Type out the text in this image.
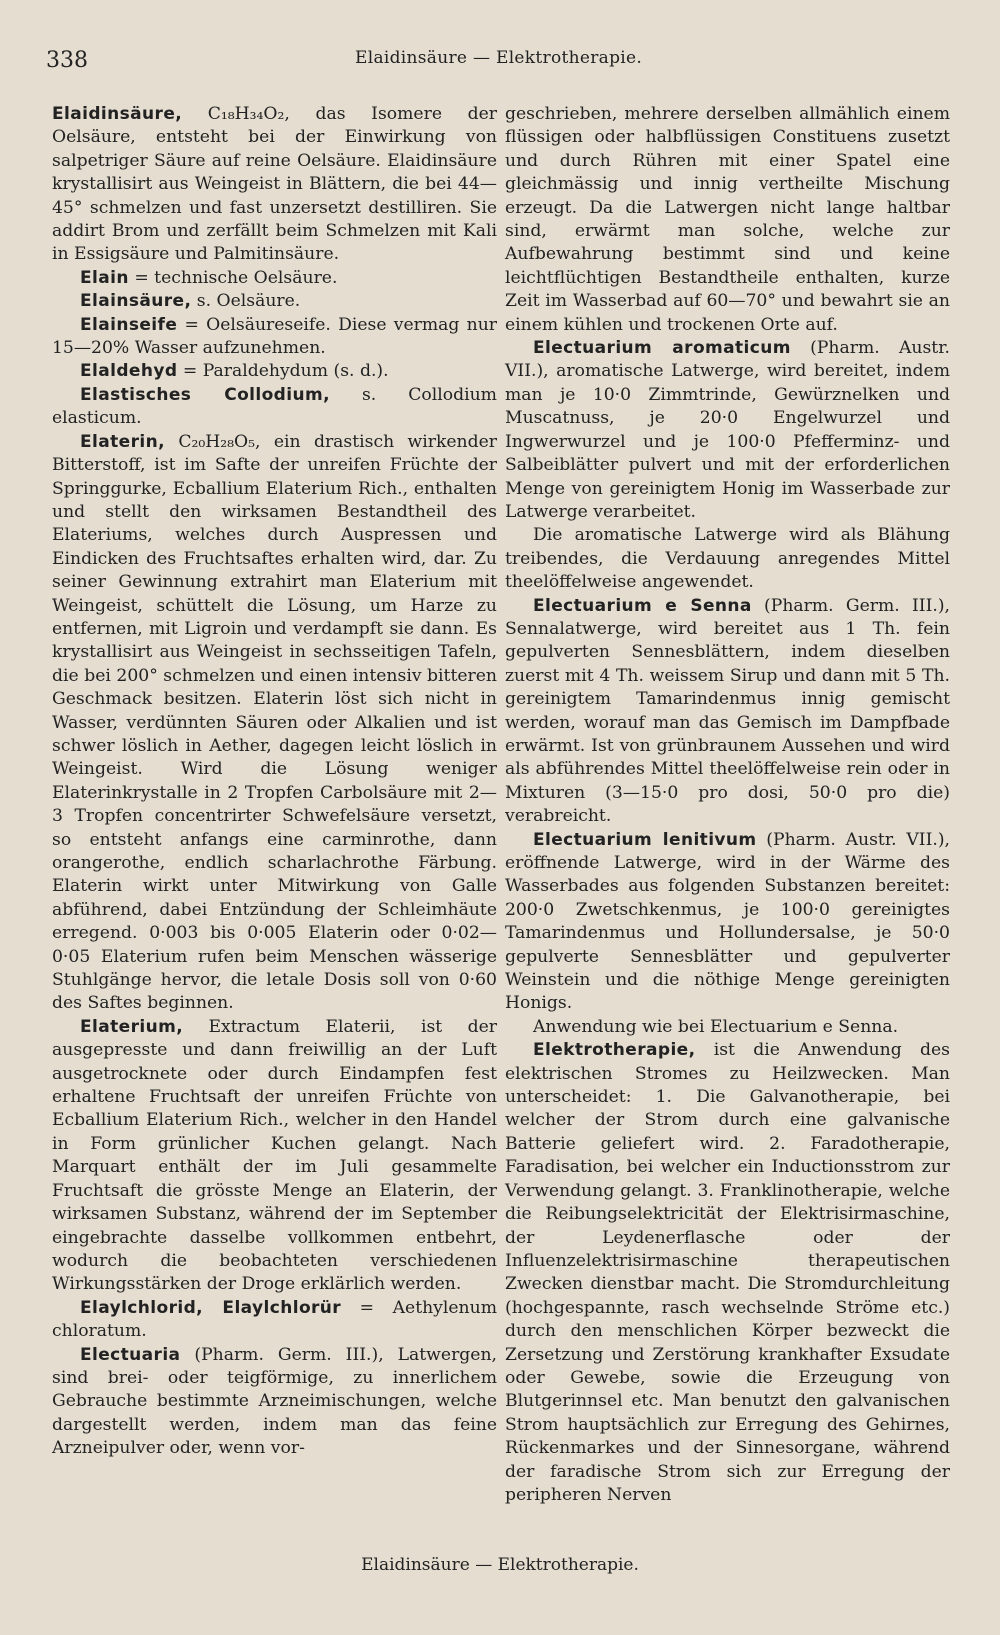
338	Elaidinsäure — Elektrotherapie.

Elaidinsäure, C₁₈H₃₄O₂, das Isomere der Oelsäure, entsteht bei der Einwirkung von salpetriger Säure auf reine Oelsäure. Elaidinsäure krystallisirt aus Weingeist in Blättern, die bei 44—45° schmelzen und fast unzersetzt destilliren. Sie addirt Brom und zerfällt beim Schmelzen mit Kali in Essigsäure und Palmitinsäure.

Elain = technische Oelsäure.

Elainsäure, s. Oelsäure.

Elainseife = Oelsäureseife. Diese vermag nur 15—20% Wasser aufzunehmen.

Elaldehyd = Paraldehydum (s. d.).

Elastisches Collodium, s. Collodium elasticum.

Elaterin, C₂₀H₂₈O₅, ein drastisch wirkender Bitterstoff, ist im Safte der unreifen Früchte der Springgurke, Ecballium Elaterium Rich., enthalten und stellt den wirksamen Bestandtheil des Elateriums, welches durch Auspressen und Eindicken des Fruchtsaftes erhalten wird, dar. Zu seiner Gewinnung extrahirt man Elaterium mit Weingeist, schüttelt die Lösung, um Harze zu entfernen, mit Ligroin und verdampft sie dann. Es krystallisirt aus Weingeist in sechsseitigen Tafeln, die bei 200° schmelzen und einen intensiv bitteren Geschmack besitzen. Elaterin löst sich nicht in Wasser, verdünnten Säuren oder Alkalien und ist schwer löslich in Aether, dagegen leicht löslich in Weingeist. Wird die Lösung weniger Elaterinkrystalle in 2 Tropfen Carbolsäure mit 2—3 Tropfen concentrirter Schwefelsäure versetzt, so entsteht anfangs eine carminrothe, dann orangerothe, endlich scharlachrothe Färbung. Elaterin wirkt unter Mitwirkung von Galle abführend, dabei Entzündung der Schleimhäute erregend. 0·003 bis 0·005 Elaterin oder 0·02—0·05 Elaterium rufen beim Menschen wässerige Stuhlgänge hervor, die letale Dosis soll von 0·60 des Saftes beginnen.

Elaterium, Extractum Elaterii, ist der ausgepresste und dann freiwillig an der Luft ausgetrocknete oder durch Eindampfen fest erhaltene Fruchtsaft der unreifen Früchte von Ecballium Elaterium Rich., welcher in den Handel in Form grünlicher Kuchen gelangt. Nach Marquart enthält der im Juli gesammelte Fruchtsaft die grösste Menge an Elaterin, der wirksamen Substanz, während der im September eingebrachte dasselbe vollkommen entbehrt, wodurch die beobachteten verschiedenen Wirkungsstärken der Droge erklärlich werden.

Elaylchlorid, Elaylchlorür = Aethylenum chloratum.

Electuaria (Pharm. Germ. III.), Latwergen, sind brei- oder teigförmige, zu innerlichem Gebrauche bestimmte Arzneimischungen, welche dargestellt werden, indem man das feine Arzneipulver oder, wenn vor-

geschrieben, mehrere derselben allmählich einem flüssigen oder halbflüssigen Constituens zusetzt und durch Rühren mit einer Spatel eine gleichmässig und innig vertheilte Mischung erzeugt. Da die Latwergen nicht lange haltbar sind, erwärmt man solche, welche zur Aufbewahrung bestimmt sind und keine leichtflüchtigen Bestandtheile enthalten, kurze Zeit im Wasserbad auf 60—70° und bewahrt sie an einem kühlen und trockenen Orte auf.

Electuarium aromaticum (Pharm. Austr. VII.), aromatische Latwerge, wird bereitet, indem man je 10·0 Zimmtrinde, Gewürznelken und Muscatnuss, je 20·0 Engelwurzel und Ingwerwurzel und je 100·0 Pfefferminz- und Salbeiblätter pulvert und mit der erforderlichen Menge von gereinigtem Honig im Wasserbade zur Latwerge verarbeitet.

Die aromatische Latwerge wird als Blähung treibendes, die Verdauung anregendes Mittel theelöffelweise angewendet.

Electuarium e Senna (Pharm. Germ. III.), Sennalatwerge, wird bereitet aus 1 Th. fein gepulverten Sennesblättern, indem dieselben zuerst mit 4 Th. weissem Sirup und dann mit 5 Th. gereinigtem Tamarindenmus innig gemischt werden, worauf man das Gemisch im Dampfbade erwärmt. Ist von grünbraunem Aussehen und wird als abführendes Mittel theelöffelweise rein oder in Mixturen (3—15·0 pro dosi, 50·0 pro die) verabreicht.

Electuarium lenitivum (Pharm. Austr. VII.), eröffnende Latwerge, wird in der Wärme des Wasserbades aus folgenden Substanzen bereitet: 200·0 Zwetschkenmus, je 100·0 gereinigtes Tamarindenmus und Hollundersalse, je 50·0 gepulverte Sennesblätter und gepulverter Weinstein und die nöthige Menge gereinigten Honigs.

Anwendung wie bei Electuarium e Senna.

Elektrotherapie, ist die Anwendung des elektrischen Stromes zu Heilzwecken. Man unterscheidet: 1. Die Galvanotherapie, bei welcher der Strom durch eine galvanische Batterie geliefert wird. 2. Faradotherapie, Faradisation, bei welcher ein Inductionsstrom zur Verwendung gelangt. 3. Franklinotherapie, welche die Reibungselektricität der Elektrisirmaschine, der Leydenerflasche oder der Influenzelektrisirmaschine therapeutischen Zwecken dienstbar macht. Die Stromdurchleitung (hochgespannte, rasch wechselnde Ströme etc.) durch den menschlichen Körper bezweckt die Zersetzung und Zerstörung krankhafter Exsudate oder Gewebe, sowie die Erzeugung von Blutgerinnsel etc. Man benutzt den galvanischen Strom hauptsächlich zur Erregung des Gehirnes, Rückenmarkes und der Sinnesorgane, während der faradische Strom sich zur Erregung der peripheren Nerven

Elaidinsäure — Elektrotherapie.
